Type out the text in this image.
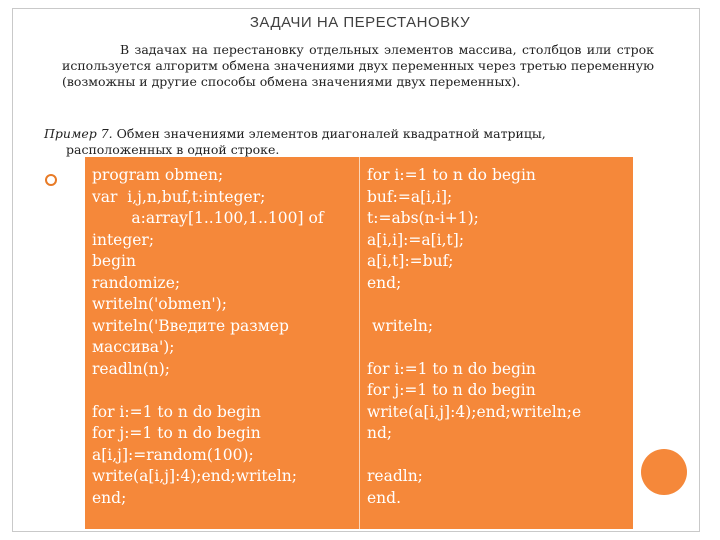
ЗАДАЧИ НА ПЕРЕСТАНОВКУ
В задачах на перестановку отдельных элементов массива, столбцов или строк используется алгоритм обмена значениями двух переменных через третью переменную (возможны и другие способы обмена значениями двух переменных).
Пример 7. Обмен значениями элементов диагоналей квадратной матрицы,
расположенных в одной строке.
program obmen;
var  i,j,n,buf,t:integer;
a:array[1..100,1..100] of
integer;
begin
randomize;
writeln('obmen');
writeln('Введите размер
массива');
readln(n);
for i:=1 to n do begin
for j:=1 to n do begin
a[i,j]:=random(100);
write(a[i,j]:4);end;writeln;
end;
for i:=1 to n do begin
buf:=a[i,i];
t:=abs(n-i+1);
a[i,i]:=a[i,t];
a[i,t]:=buf;
end;
writeln;
for i:=1 to n do begin
for j:=1 to n do begin
write(a[i,j]:4);end;writeln;e
nd;
readln;
end.
